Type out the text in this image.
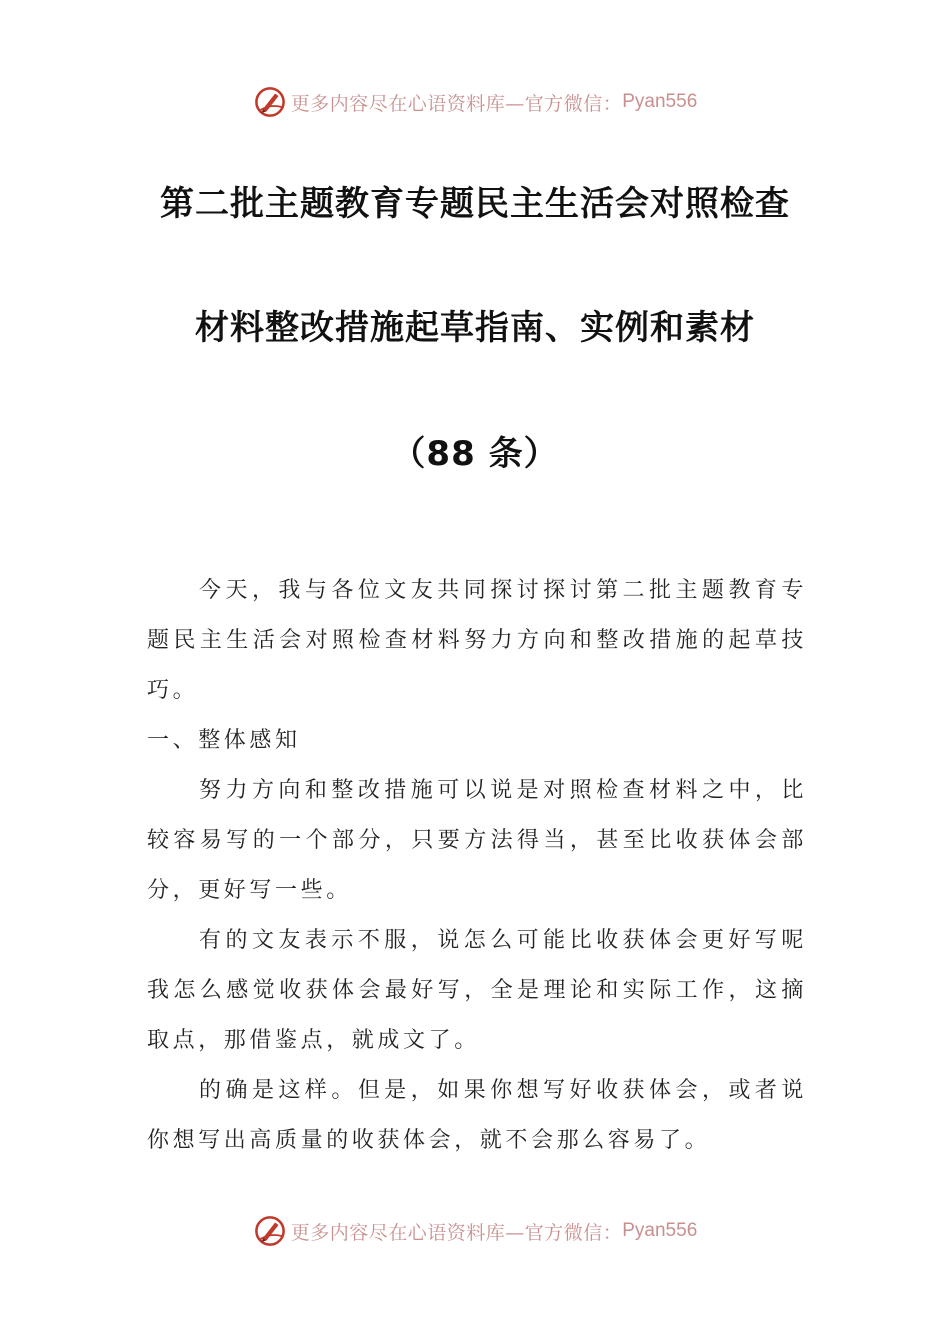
更多内容尽在心语资料库—官方微信： Pyan556
第二批主题教育专题民主生活会对照检查
材料整改措施起草指南、实例和素材
（88 条）

今天，我与各位文友共同探讨探讨第二批主题教育专题民主生活会对照检查材料努力方向和整改措施的起草技巧。

一、整体感知

努力方向和整改措施可以说是对照检查材料之中，比较容易写的一个部分，只要方法得当，甚至比收获体会部分，更好写一些。

有的文友表示不服，说怎么可能比收获体会更好写呢我怎么感觉收获体会最好写，全是理论和实际工作，这摘取点，那借鉴点，就成文了。

的确是这样。但是，如果你想写好收获体会，或者说你想写出高质量的收获体会，就不会那么容易了。

更多内容尽在心语资料库—官方微信： Pyan556
